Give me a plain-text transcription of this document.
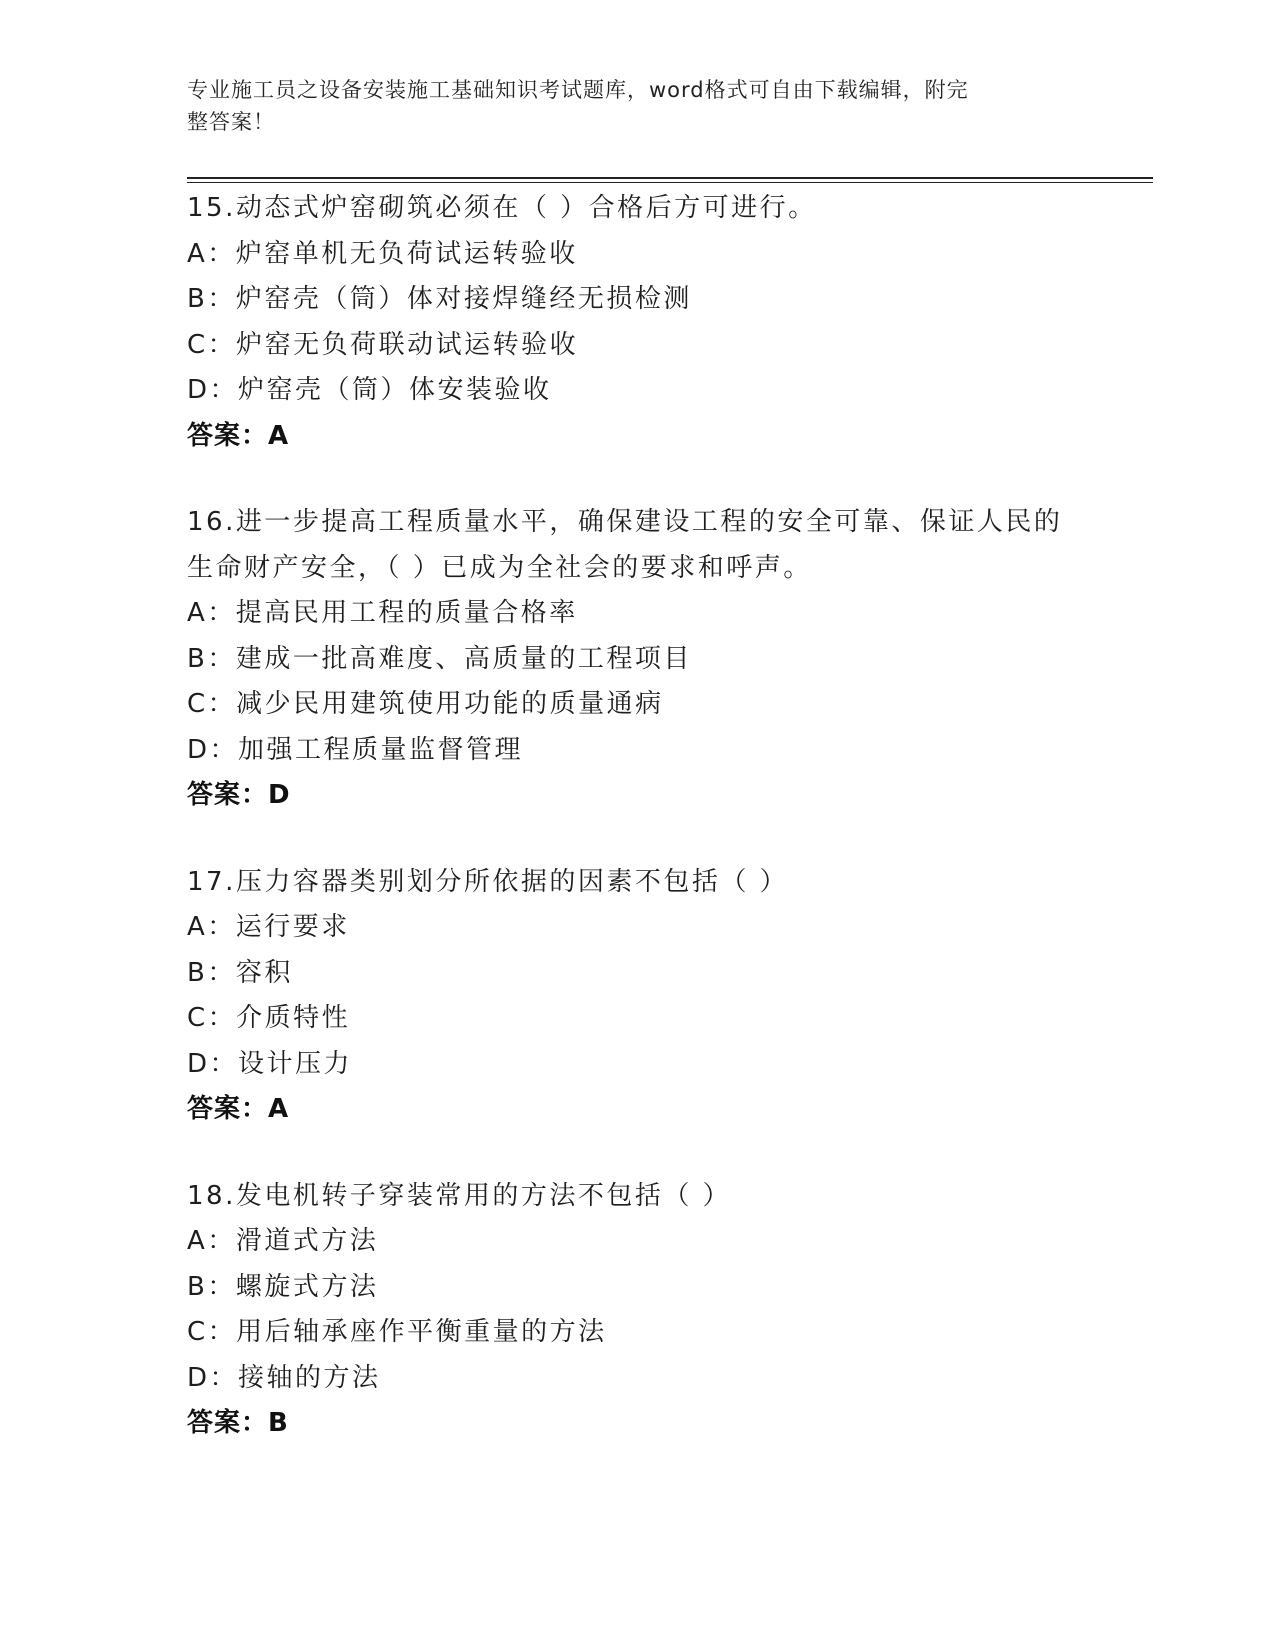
专业施工员之设备安装施工基础知识考试题库，word格式可自由下载编辑，附完
整答案！
15.动态式炉窑砌筑必须在（ ）合格后方可进行。
A：炉窑单机无负荷试运转验收
B：炉窑壳（筒）体对接焊缝经无损检测
C：炉窑无负荷联动试运转验收
D：炉窑壳（筒）体安装验收
答案：A
16.进一步提高工程质量水平，确保建设工程的安全可靠、保证人民的
生命财产安全，（ ）已成为全社会的要求和呼声。
A：提高民用工程的质量合格率
B：建成一批高难度、高质量的工程项目
C：减少民用建筑使用功能的质量通病
D：加强工程质量监督管理
答案：D
17.压力容器类别划分所依据的因素不包括（ ）
A：运行要求
B：容积
C：介质特性
D：设计压力
答案：A
18.发电机转子穿装常用的方法不包括（ ）
A：滑道式方法
B：螺旋式方法
C：用后轴承座作平衡重量的方法
D：接轴的方法
答案：B
